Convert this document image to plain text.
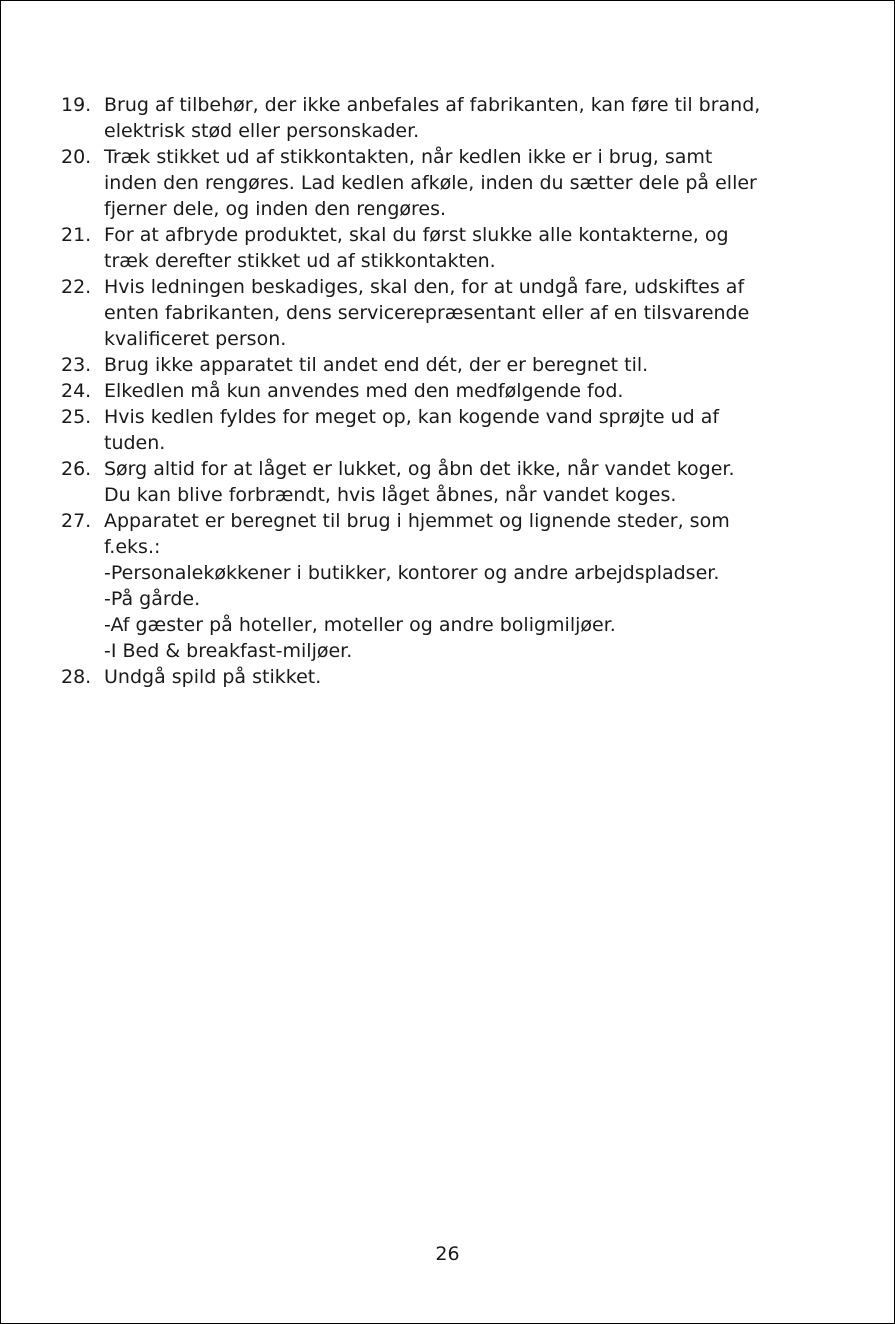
19. Brug af tilbehør, der ikke anbefales af fabrikanten, kan føre til brand,
elektrisk stød eller personskader.
20. Træk stikket ud af stikkontakten, når kedlen ikke er i brug, samt
inden den rengøres. Lad kedlen afkøle, inden du sætter dele på eller
fjerner dele, og inden den rengøres.
21. For at afbryde produktet, skal du først slukke alle kontakterne, og
træk derefter stikket ud af stikkontakten.
22. Hvis ledningen beskadiges, skal den, for at undgå fare, udskiftes af
enten fabrikanten, dens servicerepræsentant eller af en tilsvarende
kvalificeret person.
23. Brug ikke apparatet til andet end dét, der er beregnet til.
24. Elkedlen må kun anvendes med den medfølgende fod.
25. Hvis kedlen fyldes for meget op, kan kogende vand sprøjte ud af
tuden.
26. Sørg altid for at låget er lukket, og åbn det ikke, når vandet koger.
Du kan blive forbrændt, hvis låget åbnes, når vandet koges.
27. Apparatet er beregnet til brug i hjemmet og lignende steder, som
f.eks.:
-Personalekøkkener i butikker, kontorer og andre arbejdspladser.
-På gårde.
-Af gæster på hoteller, moteller og andre boligmiljøer.
-I Bed & breakfast-miljøer.
28. Undgå spild på stikket.
26
